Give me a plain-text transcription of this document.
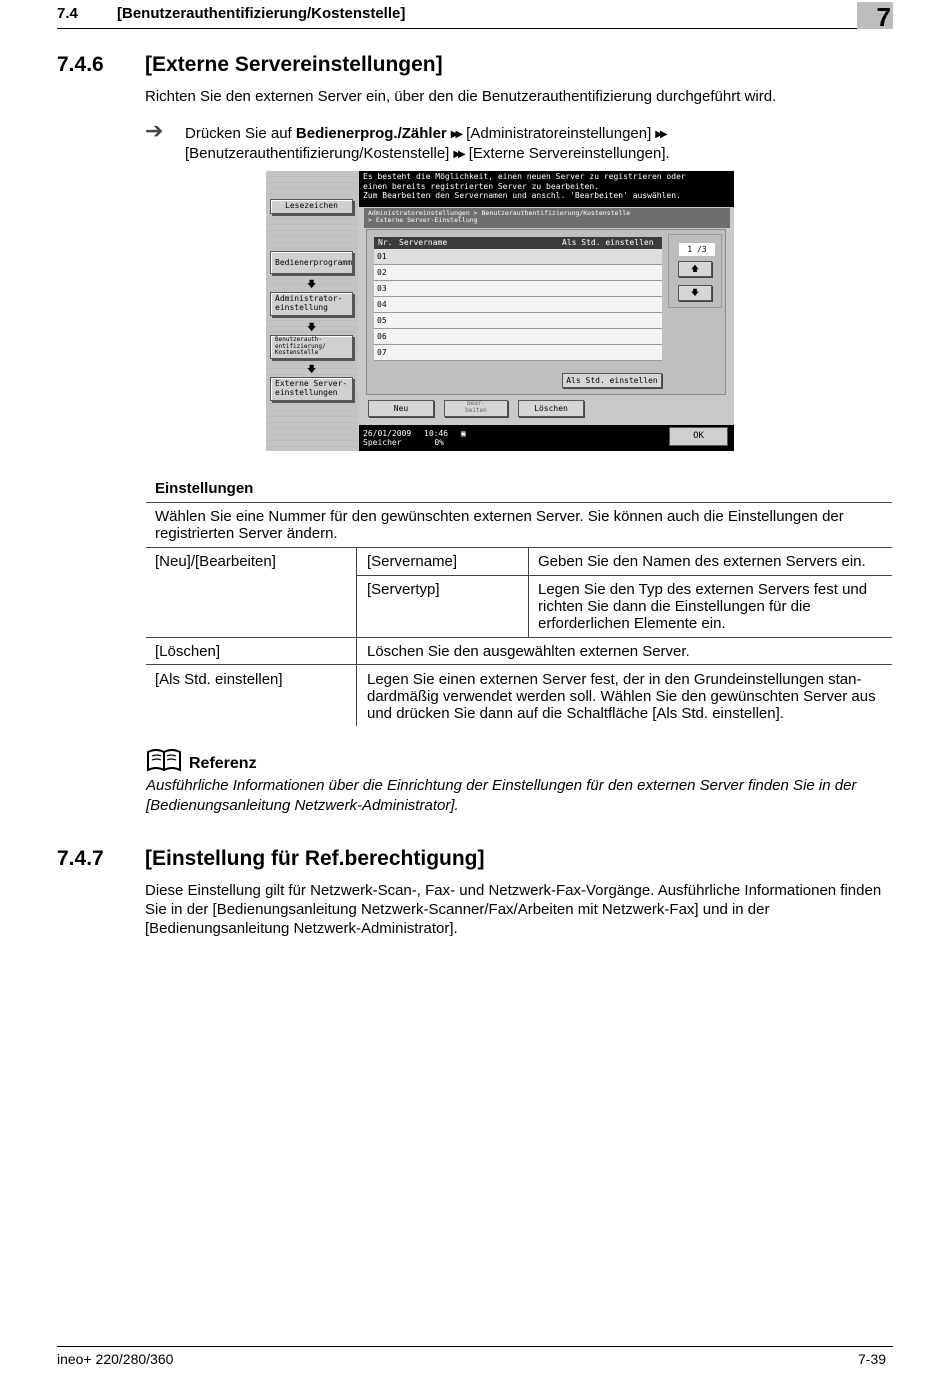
7.4	[Benutzerauthentifizierung/Kostenstelle]	7
7.4.6 [Externe Servereinstellungen]
Richten Sie den externen Server ein, über den die Benutzerauthentifizierung durchgeführt wird.
➔ Drücken Sie auf Bedienerprog./Zähler ▶▶ [Administratoreinstellungen] ▶▶
[Benutzerauthentifizierung/Kostenstelle] ▶▶ [Externe Servereinstellungen].
Lesezeichen
Bedienerprogramm
🡇
Administrator-
einstellung
🡇
Benutzerauth-
entifizierung/
Kostenstelle
🡇
Externe Server-
einstellungen
Es besteht die Möglichkeit, einen neuen Server zu registrieren oder
einen bereits registrierten Server zu bearbeiten.
Zum Bearbeiten den Servernamen und anschl. 'Bearbeiten' auswählen.
Administratoreinstellungen > Benutzerauthentifizierung/Kostenstelle
> Externe Server-Einstellung
Nr. Servername	Als Std. einstellen
01
02
03
04
05
06
07
1 /3
🡅
🡇
Als Std. einstellen
Neu
Bear-
beiten	Löschen
26/01/2009 10:46 ▣
Speicher	0%
OK
Einstellungen
Wählen Sie eine Nummer für den gewünschten externen Server. Sie können auch die Einstellungen der registrierten Server ändern.
[Neu]/[Bearbeiten]	[Servername]	Geben Sie den Namen des externen Servers ein.
[Servertyp]	Legen Sie den Typ des externen Servers fest und richten Sie dann die Einstellungen für die erforderlichen Elemente ein.
[Löschen]	Löschen Sie den ausgewählten externen Server.
[Als Std. einstellen]	Legen Sie einen externen Server fest, der in den Grundeinstellungen stan-dardmäßig verwendet werden soll. Wählen Sie den gewünschten Server aus und drücken Sie dann auf die Schaltfläche [Als Std. einstellen].
Referenz
Ausführliche Informationen über die Einrichtung der Einstellungen für den externen Server finden Sie in der [Bedienungsanleitung Netzwerk-Administrator].
7.4.7 [Einstellung für Ref.berechtigung]
Diese Einstellung gilt für Netzwerk-Scan-, Fax- und Netzwerk-Fax-Vorgänge. Ausführliche Informationen finden Sie in der [Bedienungsanleitung Netzwerk-Scanner/Fax/Arbeiten mit Netzwerk-Fax] und in der [Bedienungsanleitung Netzwerk-Administrator].
ineo+ 220/280/360	7-39
